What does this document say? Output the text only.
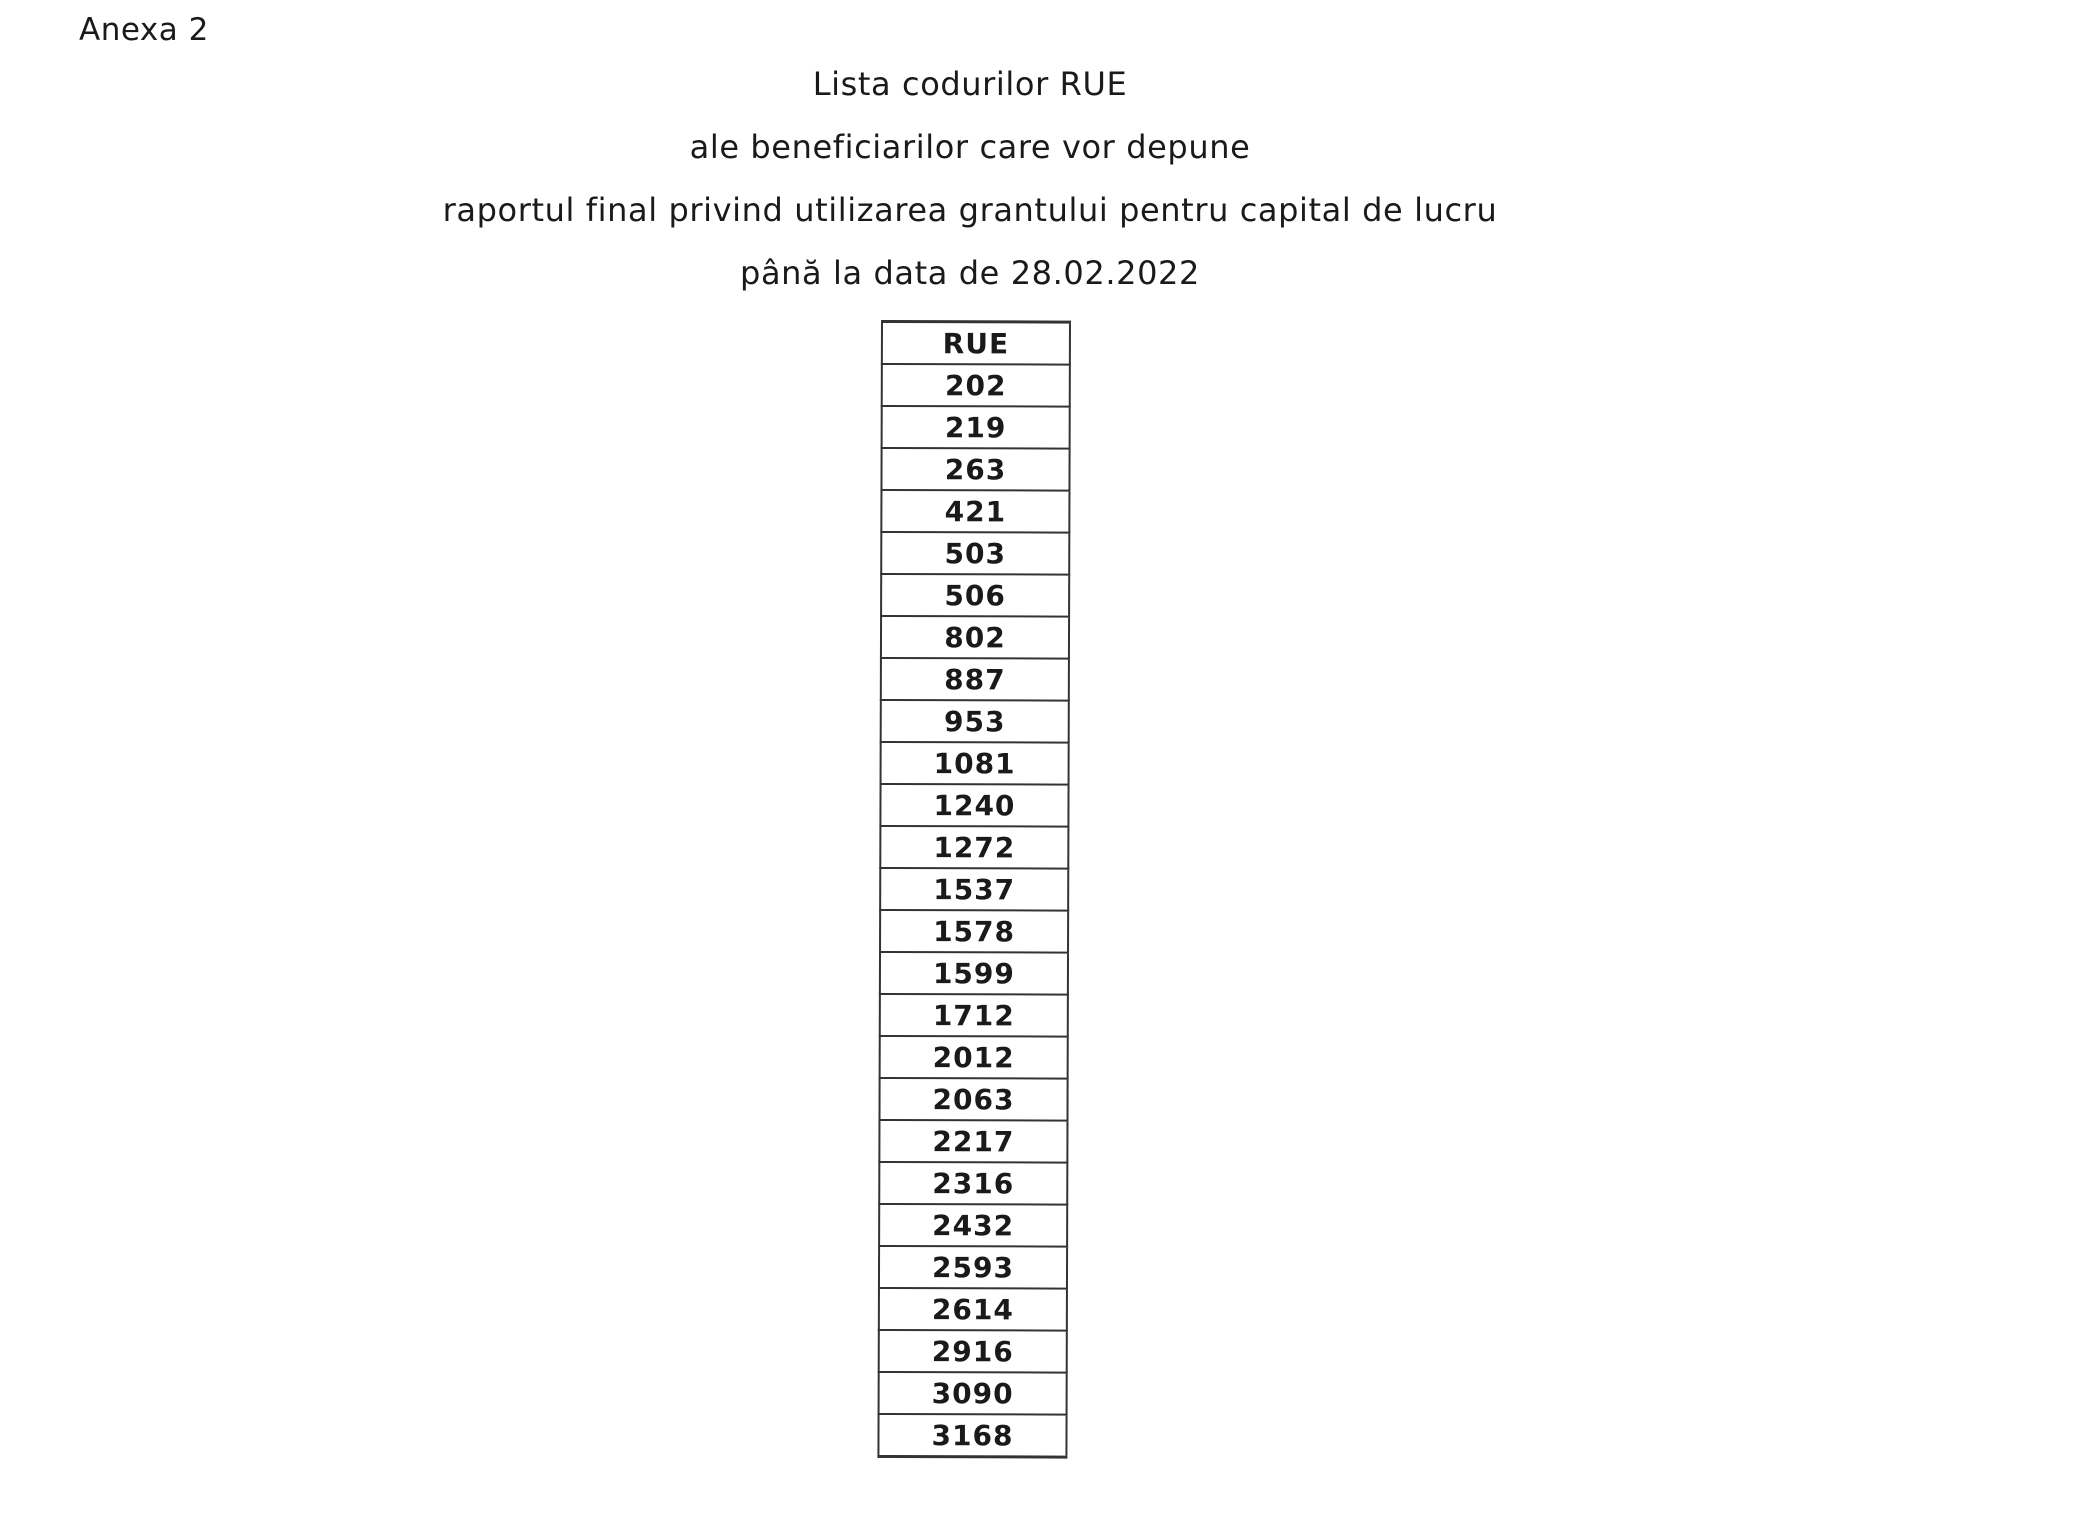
Anexa 2
Lista codurilor RUE
ale beneficiarilor care vor depune
raportul final privind utilizarea grantului pentru capital de lucru
până la data de 28.02.2022
RUE
202
219
263
421
503
506
802
887
953
1081
1240
1272
1537
1578
1599
1712
2012
2063
2217
2316
2432
2593
2614
2916
3090
3168
